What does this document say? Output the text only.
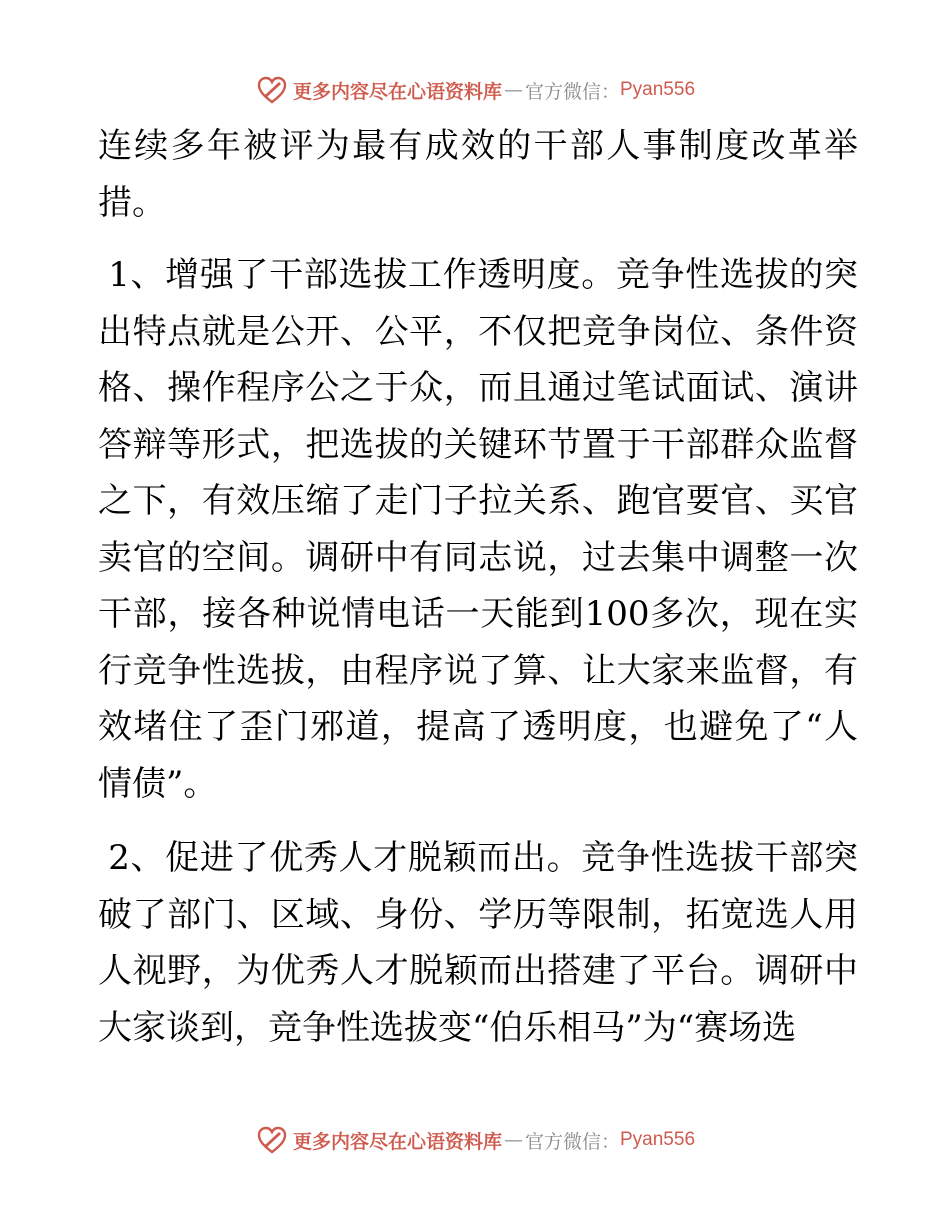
更多内容尽在心语资料库 — 官方微信： Pyan556

连续多年被评为最有成效的干部人事制度改革举措。

1、增强了干部选拔工作透明度。竞争性选拔的突出特点就是公开、公平，不仅把竞争岗位、条件资格、操作程序公之于众，而且通过笔试面试、演讲答辩等形式，把选拔的关键环节置于干部群众监督之下，有效压缩了走门子拉关系、跑官要官、买官卖官的空间。调研中有同志说，过去集中调整一次干部，接各种说情电话一天能到100多次，现在实行竞争性选拔，由程序说了算、让大家来监督，有效堵住了歪门邪道，提高了透明度，也避免了“人情债”。

2、促进了优秀人才脱颖而出。竞争性选拔干部突破了部门、区域、身份、学历等限制，拓宽选人用人视野，为优秀人才脱颖而出搭建了平台。调研中大家谈到，竞争性选拔变“伯乐相马”为“赛场选

更多内容尽在心语资料库 — 官方微信： Pyan556
